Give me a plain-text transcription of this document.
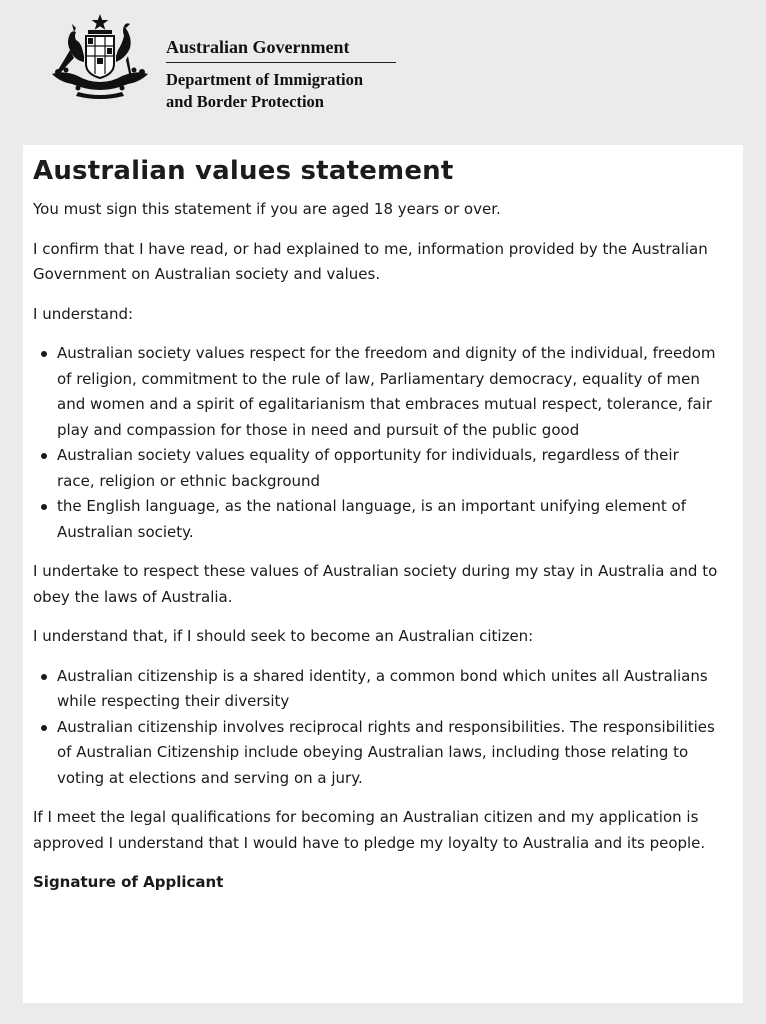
Australian Government
Department of Immigration
and Border Protection
Australian values statement

You must sign this statement if you are aged 18 years or over.

I confirm that I have read, or had explained to me, information provided by the Australian Government on Australian society and values.

I understand:

Australian society values respect for the freedom and dignity of the individual, freedom of religion, commitment to the rule of law, Parliamentary democracy, equality of men and women and a spirit of egalitarianism that embraces mutual respect, tolerance, fair play and compassion for those in need and pursuit of the public good
Australian society values equality of opportunity for individuals, regardless of their race, religion or ethnic background
the English language, as the national language, is an important unifying element of Australian society.

I undertake to respect these values of Australian society during my stay in Australia and to obey the laws of Australia.

I understand that, if I should seek to become an Australian citizen:

Australian citizenship is a shared identity, a common bond which unites all Australians while respecting their diversity
Australian citizenship involves reciprocal rights and responsibilities. The responsibilities of Australian Citizenship include obeying Australian laws, including those relating to voting at elections and serving on a jury.

If I meet the legal qualifications for becoming an Australian citizen and my application is approved I understand that I would have to pledge my loyalty to Australia and its people.

Signature of Applicant
